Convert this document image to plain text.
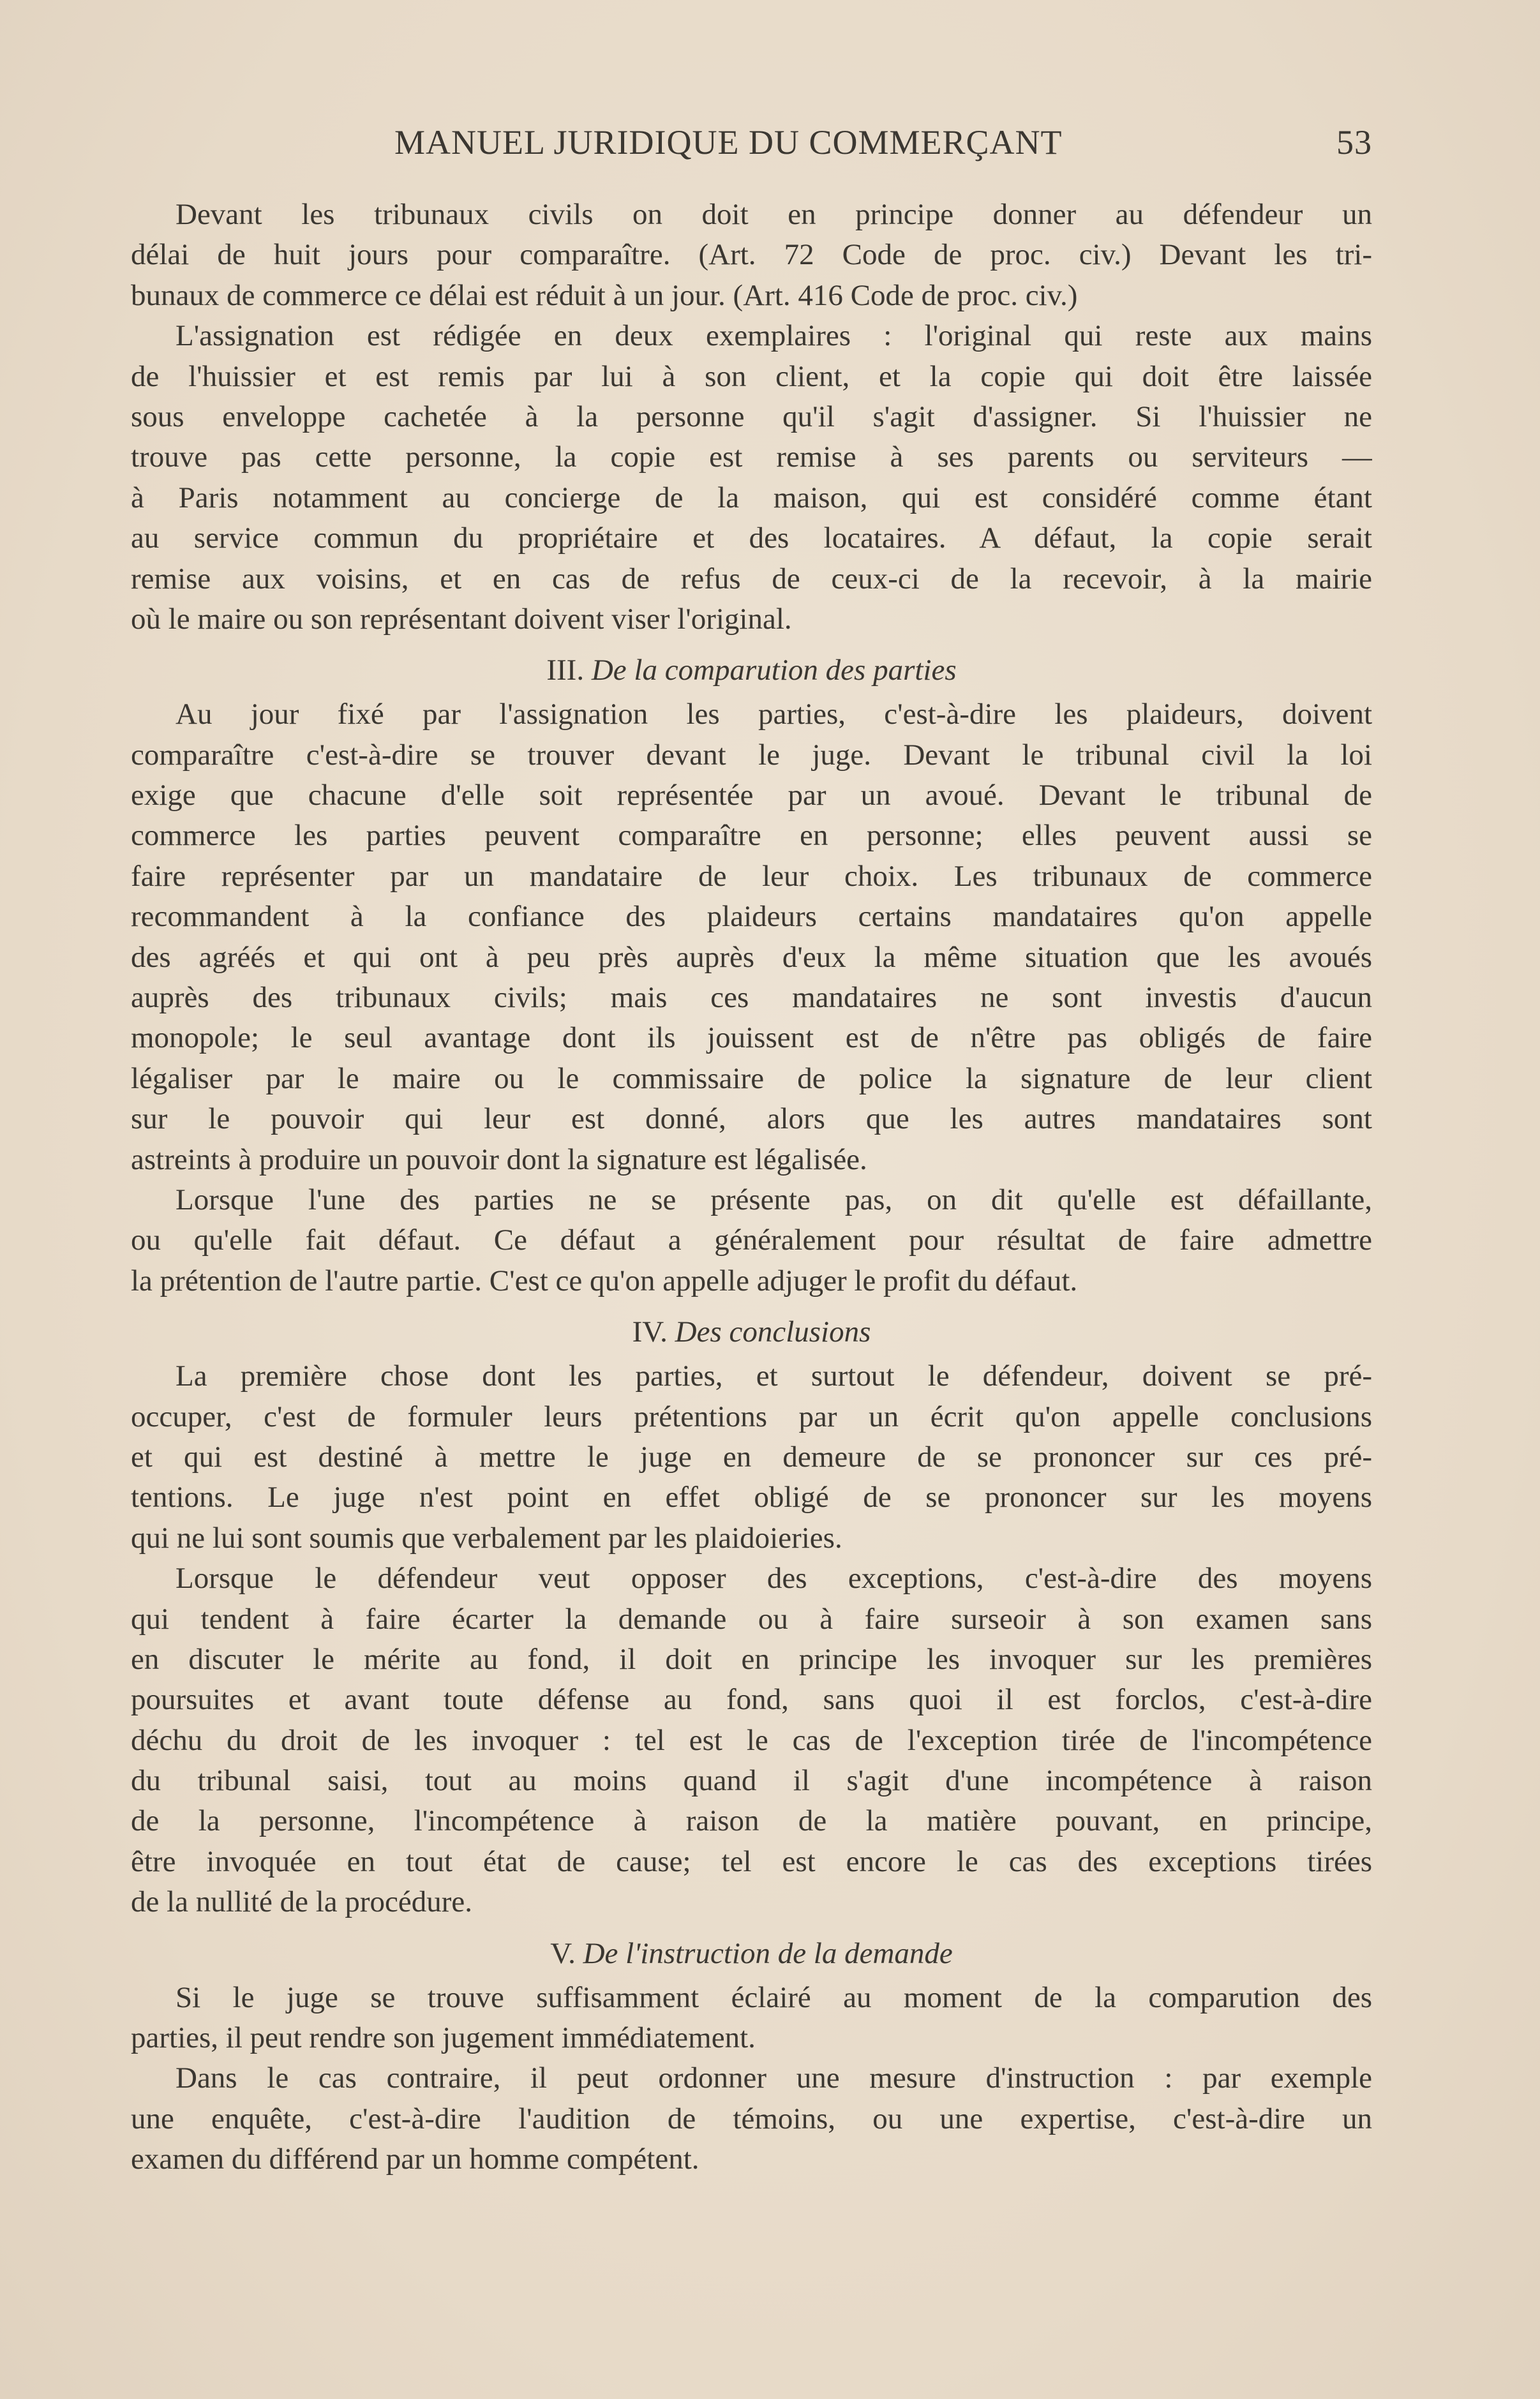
MANUEL JURIDIQUE DU COMMERÇANT	53
Devant les tribunaux civils on doit en principe donner au défendeur un
délai de huit jours pour comparaître. (Art. 72 Code de proc. civ.) Devant les tri-
bunaux de commerce ce délai est réduit à un jour. (Art. 416 Code de proc. civ.)
L'assignation est rédigée en deux exemplaires : l'original qui reste aux mains
de l'huissier et est remis par lui à son client, et la copie qui doit être laissée
sous enveloppe cachetée à la personne qu'il s'agit d'assigner. Si l'huissier ne
trouve pas cette personne, la copie est remise à ses parents ou serviteurs —
à Paris notamment au concierge de la maison, qui est considéré comme étant
au service commun du propriétaire et des locataires. A défaut, la copie serait
remise aux voisins, et en cas de refus de ceux-ci de la recevoir, à la mairie
où le maire ou son représentant doivent viser l'original.
III. De la comparution des parties
Au jour fixé par l'assignation les parties, c'est-à-dire les plaideurs, doivent
comparaître c'est-à-dire se trouver devant le juge. Devant le tribunal civil la loi
exige que chacune d'elle soit représentée par un avoué. Devant le tribunal de
commerce les parties peuvent comparaître en personne; elles peuvent aussi se
faire représenter par un mandataire de leur choix. Les tribunaux de commerce
recommandent à la confiance des plaideurs certains mandataires qu'on appelle
des agréés et qui ont à peu près auprès d'eux la même situation que les avoués
auprès des tribunaux civils; mais ces mandataires ne sont investis d'aucun
monopole; le seul avantage dont ils jouissent est de n'être pas obligés de faire
légaliser par le maire ou le commissaire de police la signature de leur client
sur le pouvoir qui leur est donné, alors que les autres mandataires sont
astreints à produire un pouvoir dont la signature est légalisée.
Lorsque l'une des parties ne se présente pas, on dit qu'elle est défaillante,
ou qu'elle fait défaut. Ce défaut a généralement pour résultat de faire admettre
la prétention de l'autre partie. C'est ce qu'on appelle adjuger le profit du défaut.
IV. Des conclusions
La première chose dont les parties, et surtout le défendeur, doivent se pré-
occuper, c'est de formuler leurs prétentions par un écrit qu'on appelle conclusions
et qui est destiné à mettre le juge en demeure de se prononcer sur ces pré-
tentions. Le juge n'est point en effet obligé de se prononcer sur les moyens
qui ne lui sont soumis que verbalement par les plaidoieries.
Lorsque le défendeur veut opposer des exceptions, c'est-à-dire des moyens
qui tendent à faire écarter la demande ou à faire surseoir à son examen sans
en discuter le mérite au fond, il doit en principe les invoquer sur les premières
poursuites et avant toute défense au fond, sans quoi il est forclos, c'est-à-dire
déchu du droit de les invoquer : tel est le cas de l'exception tirée de l'incompétence
du tribunal saisi, tout au moins quand il s'agit d'une incompétence à raison
de la personne, l'incompétence à raison de la matière pouvant, en principe,
être invoquée en tout état de cause; tel est encore le cas des exceptions tirées
de la nullité de la procédure.
V. De l'instruction de la demande
Si le juge se trouve suffisamment éclairé au moment de la comparution des
parties, il peut rendre son jugement immédiatement.
Dans le cas contraire, il peut ordonner une mesure d'instruction : par exemple
une enquête, c'est-à-dire l'audition de témoins, ou une expertise, c'est-à-dire un
examen du différend par un homme compétent.
